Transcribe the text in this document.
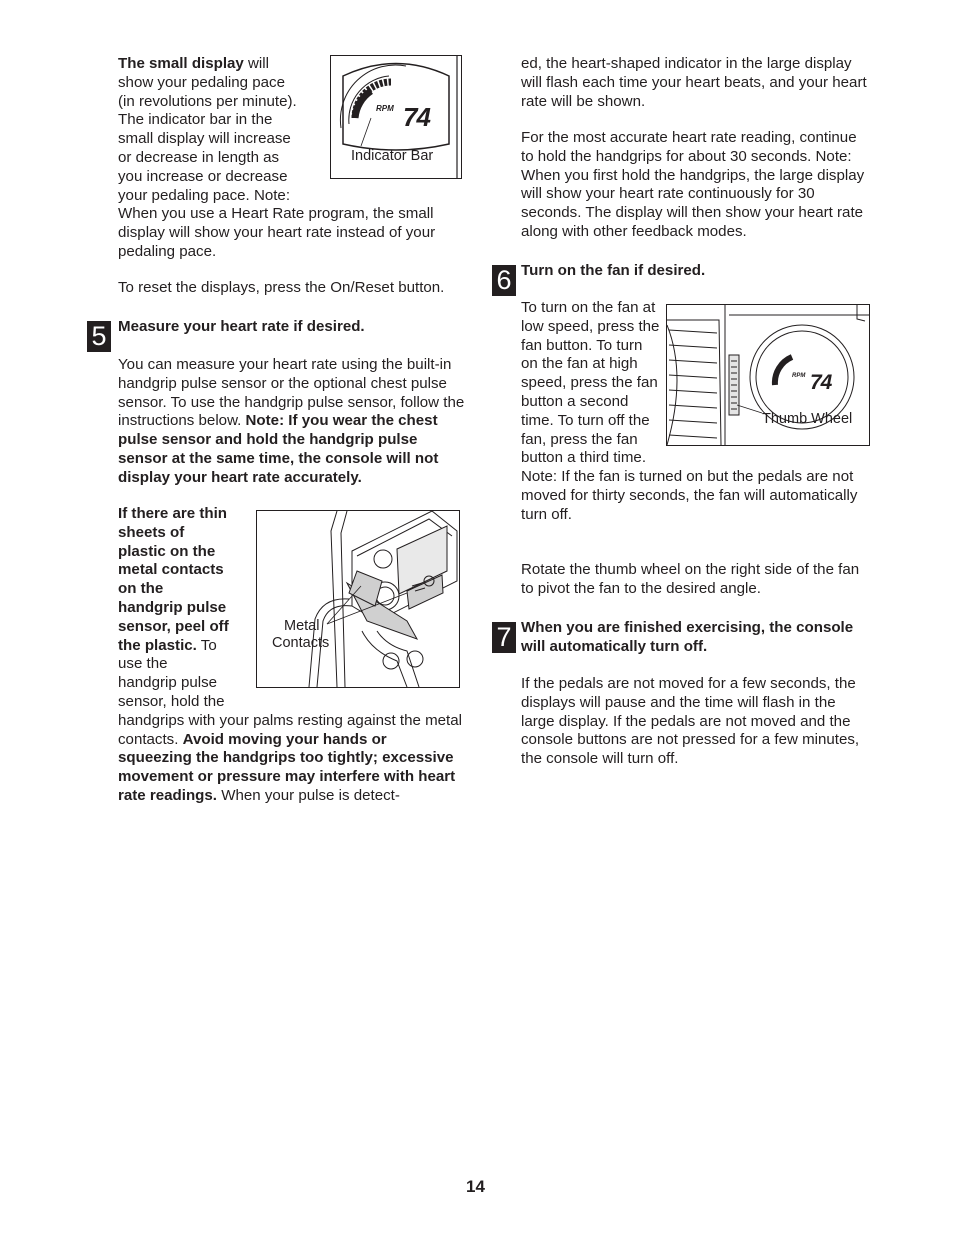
The small display will show your pedaling pace (in revolutions per minute). The indicator bar in the small display will increase or decrease in length as you increase or decrease your pedaling pace. Note: When you use a Heart Rate program, the small display will show your heart rate instead of your pedaling pace.

RPM 74
Indicator Bar

To reset the displays, press the On/Reset button.

5 Measure your heart rate if desired.

You can measure your heart rate using the built-in handgrip pulse sensor or the optional chest pulse sensor. To use the handgrip pulse sensor, follow the instructions below. Note: If you wear the chest pulse sensor and hold the handgrip pulse sensor at the same time, the console will not display your heart rate accurately.

Metal
Contacts

If there are thin sheets of plastic on the metal contacts on the handgrip pulse sensor, peel off the plastic. To use the handgrip pulse sensor, hold the handgrips with your palms resting against the metal contacts. Avoid moving your hands or squeezing the handgrips too tightly; excessive movement or pressure may interfere with heart rate readings. When your pulse is detect-

ed, the heart-shaped indicator in the large display will flash each time your heart beats, and your heart rate will be shown.

For the most accurate heart rate reading, continue to hold the handgrips for about 30 seconds. Note: When you first hold the handgrips, the large display will show your heart rate continuously for 30 seconds. The display will then show your heart rate along with other feedback modes.

6 Turn on the fan if desired.

RPM 74
Thumb Wheel

To turn on the fan at low speed, press the fan button. To turn on the fan at high speed, press the fan button a second time. To turn off the fan, press the fan button a third time. Note: If the fan is turned on but the pedals are not moved for thirty seconds, the fan will automatically turn off.

Rotate the thumb wheel on the right side of the fan to pivot the fan to the desired angle.

7 When you are finished exercising, the console will automatically turn off.

If the pedals are not moved for a few seconds, the displays will pause and the time will flash in the large display. If the pedals are not moved and the console buttons are not pressed for a few minutes, the console will turn off.

14
